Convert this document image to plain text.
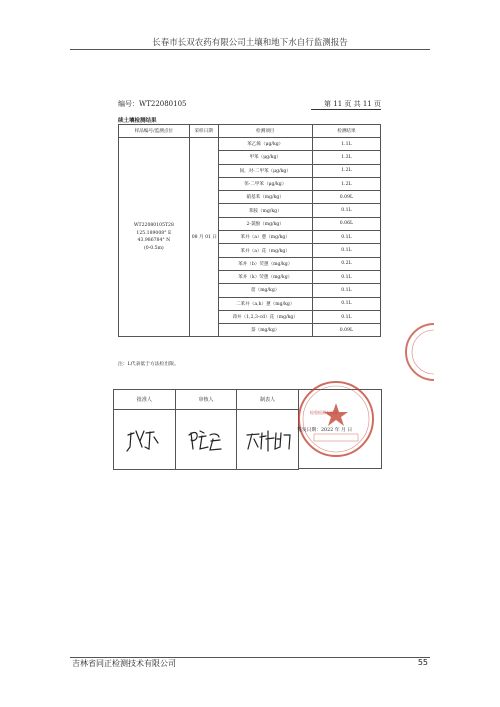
长春市长双农药有限公司土壤和地下水自行监测报告
编号：WT22080105	第 11 页 共 11 页
续土壤检测结果
样品编号/监测点位	采样日期	检测项目	检测结果

WT22080105T28
125.189008° E
43.986784° N
(0-0.5m)	08 月 01 日	苯乙烯（μg/kg）	1.1L
		甲苯（μg/kg）	1.3L
		间、对-二甲苯（μg/kg）	1.2L
		邻-二甲苯（μg/kg）	1.2L
		硝基苯（mg/kg）	0.09L
		苯胺（mg/kg）	0.1L
		2-氯酚（mg/kg）	0.06L
		苯并（a）蒽（mg/kg）	0.1L
		苯并（a）芘（mg/kg）	0.1L
		苯并（b）荧蒽（mg/kg）	0.2L
		苯并（k）荧蒽（mg/kg）	0.1L
		䓛（mg/kg）	0.1L
		二苯并（a,h）蒽（mg/kg）	0.1L
		茚并（1,2,3-cd）芘（mg/kg）	0.1L
		萘（mg/kg）	0.09L
注：L代表低于方法检出限。
批准人	审核人	制表人

签发日期：2022 年 月 日
检验检测专用章
吉林省同正检测技术有限公司	55
